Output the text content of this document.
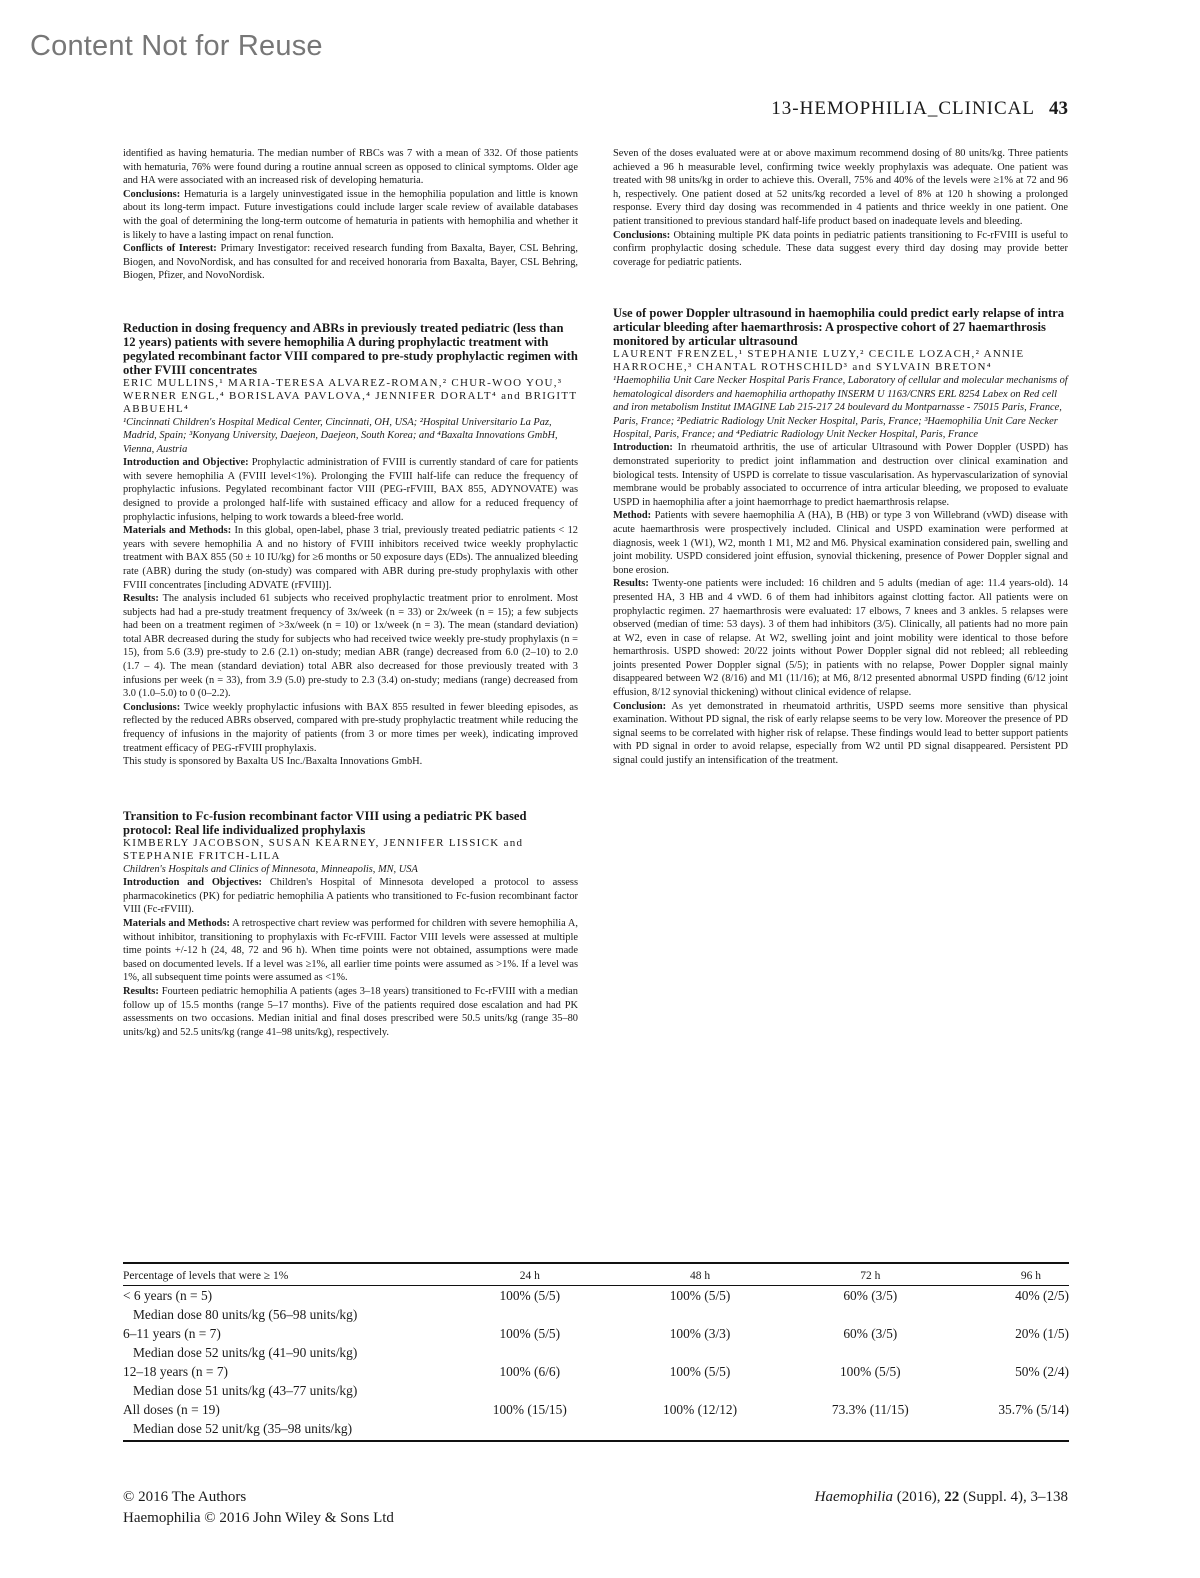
Content Not for Reuse
13-HEMOPHILIA_CLINICAL 43

identified as having hematuria. The median number of RBCs was 7 with a mean of 332. Of those patients with hematuria, 76% were found during a routine annual screen as opposed to clinical symptoms. Older age and HA were associated with an increased risk of developing hematuria.

Conclusions: Hematuria is a largely uninvestigated issue in the hemophilia population and little is known about its long-term impact. Future investigations could include larger scale review of available databases with the goal of determining the long-term outcome of hematuria in patients with hemophilia and whether it is likely to have a lasting impact on renal function.

Conflicts of Interest: Primary Investigator: received research funding from Baxalta, Bayer, CSL Behring, Biogen, and NovoNordisk, and has consulted for and received honoraria from Baxalta, Bayer, CSL Behring, Biogen, Pfizer, and NovoNordisk.

Reduction in dosing frequency and ABRs in previously treated pediatric (less than 12 years) patients with severe hemophilia A during prophylactic treatment with pegylated recombinant factor VIII compared to pre-study prophylactic regimen with other FVIII concentrates

ERIC MULLINS,¹ MARIA-TERESA ALVAREZ-ROMAN,² CHUR-WOO YOU,³ WERNER ENGL,⁴ BORISLAVA PAVLOVA,⁴ JENNIFER DORALT⁴ and BRIGITT ABBUEHL⁴

¹Cincinnati Children's Hospital Medical Center, Cincinnati, OH, USA; ²Hospital Universitario La Paz, Madrid, Spain; ³Konyang University, Daejeon, Daejeon, South Korea; and ⁴Baxalta Innovations GmbH, Vienna, Austria

Introduction and Objective: Prophylactic administration of FVIII is currently standard of care for patients with severe hemophilia A (FVIII level<1%). Prolonging the FVIII half-life can reduce the frequency of prophylactic infusions. Pegylated recombinant factor VIII (PEG-rFVIII, BAX 855, ADYNOVATE) was designed to provide a prolonged half-life with sustained efficacy and allow for a reduced frequency of prophylactic infusions, helping to work towards a bleed-free world.

Materials and Methods: In this global, open-label, phase 3 trial, previously treated pediatric patients < 12 years with severe hemophilia A and no history of FVIII inhibitors received twice weekly prophylactic treatment with BAX 855 (50 ± 10 IU/kg) for ≥6 months or 50 exposure days (EDs). The annualized bleeding rate (ABR) during the study (on-study) was compared with ABR during pre-study prophylaxis with other FVIII concentrates [including ADVATE (rFVIII)].

Results: The analysis included 61 subjects who received prophylactic treatment prior to enrolment. Most subjects had had a pre-study treatment frequency of 3x/week (n = 33) or 2x/week (n = 15); a few subjects had been on a treatment regimen of >3x/week (n = 10) or 1x/week (n = 3). The mean (standard deviation) total ABR decreased during the study for subjects who had received twice weekly pre-study prophylaxis (n = 15), from 5.6 (3.9) pre-study to 2.6 (2.1) on-study; median ABR (range) decreased from 6.0 (2–10) to 2.0 (1.7 – 4). The mean (standard deviation) total ABR also decreased for those previously treated with 3 infusions per week (n = 33), from 3.9 (5.0) pre-study to 2.3 (3.4) on-study; medians (range) decreased from 3.0 (1.0–5.0) to 0 (0–2.2).

Conclusions: Twice weekly prophylactic infusions with BAX 855 resulted in fewer bleeding episodes, as reflected by the reduced ABRs observed, compared with pre-study prophylactic treatment while reducing the frequency of infusions in the majority of patients (from 3 or more times per week), indicating improved treatment efficacy of PEG-rFVIII prophylaxis.

This study is sponsored by Baxalta US Inc./Baxalta Innovations GmbH.

Transition to Fc-fusion recombinant factor VIII using a pediatric PK based protocol: Real life individualized prophylaxis

KIMBERLY JACOBSON, SUSAN KEARNEY, JENNIFER LISSICK and STEPHANIE FRITCH-LILA

Children's Hospitals and Clinics of Minnesota, Minneapolis, MN, USA

Introduction and Objectives: Children's Hospital of Minnesota developed a protocol to assess pharmacokinetics (PK) for pediatric hemophilia A patients who transitioned to Fc-fusion recombinant factor VIII (Fc-rFVIII).

Materials and Methods: A retrospective chart review was performed for children with severe hemophilia A, without inhibitor, transitioning to prophylaxis with Fc-rFVIII. Factor VIII levels were assessed at multiple time points +/-12 h (24, 48, 72 and 96 h). When time points were not obtained, assumptions were made based on documented levels. If a level was ≥1%, all earlier time points were assumed as >1%. If a level was 1%, all subsequent time points were assumed as <1%.

Results: Fourteen pediatric hemophilia A patients (ages 3–18 years) transitioned to Fc-rFVIII with a median follow up of 15.5 months (range 5–17 months). Five of the patients required dose escalation and had PK assessments on two occasions. Median initial and final doses prescribed were 50.5 units/kg (range 35–80 units/kg) and 52.5 units/kg (range 41–98 units/kg), respectively.

Seven of the doses evaluated were at or above maximum recommend dosing of 80 units/kg. Three patients achieved a 96 h measurable level, confirming twice weekly prophylaxis was adequate. One patient was treated with 98 units/kg in order to achieve this. Overall, 75% and 40% of the levels were ≥1% at 72 and 96 h, respectively. One patient dosed at 52 units/kg recorded a level of 8% at 120 h showing a prolonged response. Every third day dosing was recommended in 4 patients and thrice weekly in one patient. One patient transitioned to previous standard half-life product based on inadequate levels and bleeding.

Conclusions: Obtaining multiple PK data points in pediatric patients transitioning to Fc-rFVIII is useful to confirm prophylactic dosing schedule. These data suggest every third day dosing may provide better coverage for pediatric patients.

Use of power Doppler ultrasound in haemophilia could predict early relapse of intra articular bleeding after haemarthrosis: A prospective cohort of 27 haemarthrosis monitored by articular ultrasound

LAURENT FRENZEL,¹ STEPHANIE LUZY,² CECILE LOZACH,² ANNIE HARROCHE,³ CHANTAL ROTHSCHILD³ and SYLVAIN BRETON⁴

¹Haemophilia Unit Care Necker Hospital Paris France, Laboratory of cellular and molecular mechanisms of hematological disorders and haemophilia arthopathy INSERM U 1163/CNRS ERL 8254 Labex on Red cell and iron metabolism Institut IMAGINE Lab 215-217 24 boulevard du Montparnasse - 75015 Paris, France, Paris, France; ²Pediatric Radiology Unit Necker Hospital, Paris, France; ³Haemophilia Unit Care Necker Hospital, Paris, France; and ⁴Pediatric Radiology Unit Necker Hospital, Paris, France

Introduction: In rheumatoid arthritis, the use of articular Ultrasound with Power Doppler (USPD) has demonstrated superiority to predict joint inflammation and destruction over clinical examination and biological tests. Intensity of USPD is correlate to tissue vascularisation. As hypervascularization of synovial membrane would be probably associated to occurrence of intra articular bleeding, we proposed to evaluate USPD in haemophilia after a joint haemorrhage to predict haemarthrosis relapse.

Method: Patients with severe haemophilia A (HA), B (HB) or type 3 von Willebrand (vWD) disease with acute haemarthrosis were prospectively included. Clinical and USPD examination were performed at diagnosis, week 1 (W1), W2, month 1 M1, M2 and M6. Physical examination considered pain, swelling and joint mobility. USPD considered joint effusion, synovial thickening, presence of Power Doppler signal and bone erosion.

Results: Twenty-one patients were included: 16 children and 5 adults (median of age: 11.4 years-old). 14 presented HA, 3 HB and 4 vWD. 6 of them had inhibitors against clotting factor. All patients were on prophylactic regimen. 27 haemarthrosis were evaluated: 17 elbows, 7 knees and 3 ankles. 5 relapses were observed (median of time: 53 days). 3 of them had inhibitors (3/5). Clinically, all patients had no more pain at W2, even in case of relapse. At W2, swelling joint and joint mobility were identical to those before hemarthrosis. USPD showed: 20/22 joints without Power Doppler signal did not rebleed; all rebleeding joints presented Power Doppler signal (5/5); in patients with no relapse, Power Doppler signal mainly disappeared between W2 (8/16) and M1 (11/16); at M6, 8/12 presented abnormal USPD finding (6/12 joint effusion, 8/12 synovial thickening) without clinical evidence of relapse.

Conclusion: As yet demonstrated in rheumatoid arthritis, USPD seems more sensitive than physical examination. Without PD signal, the risk of early relapse seems to be very low. Moreover the presence of PD signal seems to be correlated with higher risk of relapse. These findings would lead to better support patients with PD signal in order to avoid relapse, especially from W2 until PD signal disappeared. Persistent PD signal could justify an intensification of the treatment.

Percentage of levels that were ≥ 1%	24 h	48 h	72 h	96 h
< 6 years (n = 5)	100% (5/5)	100% (5/5)	60% (3/5)	40% (2/5)
Median dose 80 units/kg (56–98 units/kg)				
6–11 years (n = 7)	100% (5/5)	100% (3/3)	60% (3/5)	20% (1/5)
Median dose 52 units/kg (41–90 units/kg)				
12–18 years (n = 7)	100% (6/6)	100% (5/5)	100% (5/5)	50% (2/4)
Median dose 51 units/kg (43–77 units/kg)				
All doses (n = 19)	100% (15/15)	100% (12/12)	73.3% (11/15)	35.7% (5/14)
Median dose 52 unit/kg (35–98 units/kg)				
© 2016 The Authors
Haemophilia © 2016 John Wiley & Sons Ltd
Haemophilia (2016), 22 (Suppl. 4), 3–138
